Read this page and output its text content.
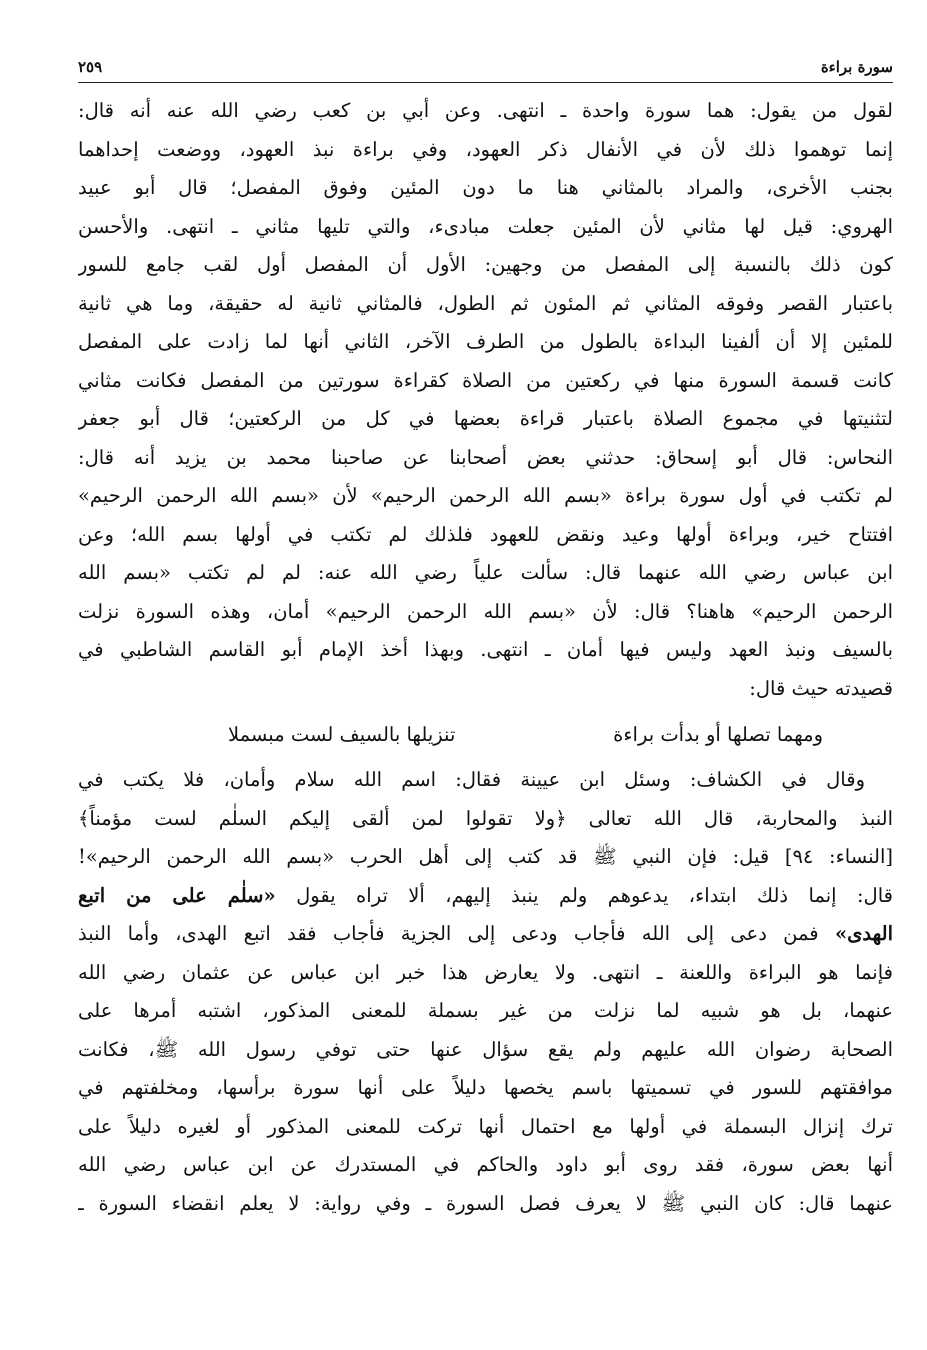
سورة براءة
٢٥٩
لقول من يقول: هما سورة واحدة ـ انتهى. وعن أبي بن كعب رضي الله عنه أنه قال:
إنما توهموا ذلك لأن في الأنفال ذكر العهود، وفي براءة نبذ العهود، ووضعت إحداهما
بجنب الأخرى، والمراد بالمثاني هنا ما دون المئين وفوق المفصل؛ قال أبو عبيد
الهروي: قيل لها مثاني لأن المئين جعلت مبادىء، والتي تليها مثاني ـ انتهى. والأحسن
كون ذلك بالنسبة إلى المفصل من وجهين: الأول أن المفصل أول لقب جامع للسور
باعتبار القصر وفوقه المثاني ثم المئون ثم الطول، فالمثاني ثانية له حقيقة، وما هي ثانية
للمئين إلا أن ألفينا البداءة بالطول من الطرف الآخر، الثاني أنها لما زادت على المفصل
كانت قسمة السورة منها في ركعتين من الصلاة كقراءة سورتين من المفصل فكانت مثاني
لتثنيتها في مجموع الصلاة باعتبار قراءة بعضها في كل من الركعتين؛ قال أبو جعفر
النحاس: قال أبو إسحاق: حدثني بعض أصحابنا عن صاحبنا محمد بن يزيد أنه قال:
لم تكتب في أول سورة براءة «بسم الله الرحمن الرحيم» لأن «بسم الله الرحمن الرحيم»
افتتاح خير، وبراءة أولها وعيد ونقض للعهود فلذلك لم تكتب في أولها بسم الله؛ وعن
ابن عباس رضي الله عنهما قال: سألت علياً رضي الله عنه: لم لم تكتب «بسم الله
الرحمن الرحيم» هاهنا؟ قال: لأن «بسم الله الرحمن الرحيم» أمان، وهذه السورة نزلت
بالسيف ونبذ العهد وليس فيها أمان ـ انتهى. وبهذا أخذ الإمام أبو القاسم الشاطبي في
قصيدته حيث قال:
ومهما تصلها أو بدأت براءة
تنزيلها بالسيف لست مبسملا
وقال في الكشاف: وسئل ابن عيينة فقال: اسم الله سلام وأمان، فلا يكتب في
النبذ والمحاربة، قال الله تعالى ﴿ولا تقولوا لمن ألقى إليكم السلٰم لست مؤمناً﴾
[النساء: ٩٤] قيل: فإن النبي ﷺ قد كتب إلى أهل الحرب «بسم الله الرحمن الرحيم»!
قال: إنما ذلك ابتداء، يدعوهم ولم ينبذ إليهم، ألا تراه يقول «سلٰم على من اتبع
الهدى» فمن دعى إلى الله فأجاب ودعى إلى الجزية فأجاب فقد اتبع الهدى، وأما النبذ
فإنما هو البراءة واللعنة ـ انتهى. ولا يعارض هذا خبر ابن عباس عن عثمان رضي الله
عنهما، بل هو شبيه لما نزلت من غير بسملة للمعنى المذكور، اشتبه أمرها على
الصحابة رضوان الله عليهم ولم يقع سؤال عنها حتى توفي رسول الله ﷺ، فكانت
موافقتهم للسور في تسميتها باسم يخصها دليلاً على أنها سورة برأسها، ومخلفتهم في
ترك إنزال البسملة في أولها مع احتمال أنها تركت للمعنى المذكور أو لغيره دليلاً على
أنها بعض سورة، فقد روى أبو داود والحاكم في المستدرك عن ابن عباس رضي الله
عنهما قال: كان النبي ﷺ لا يعرف فصل السورة ـ وفي رواية: لا يعلم انقضاء السورة ـ
